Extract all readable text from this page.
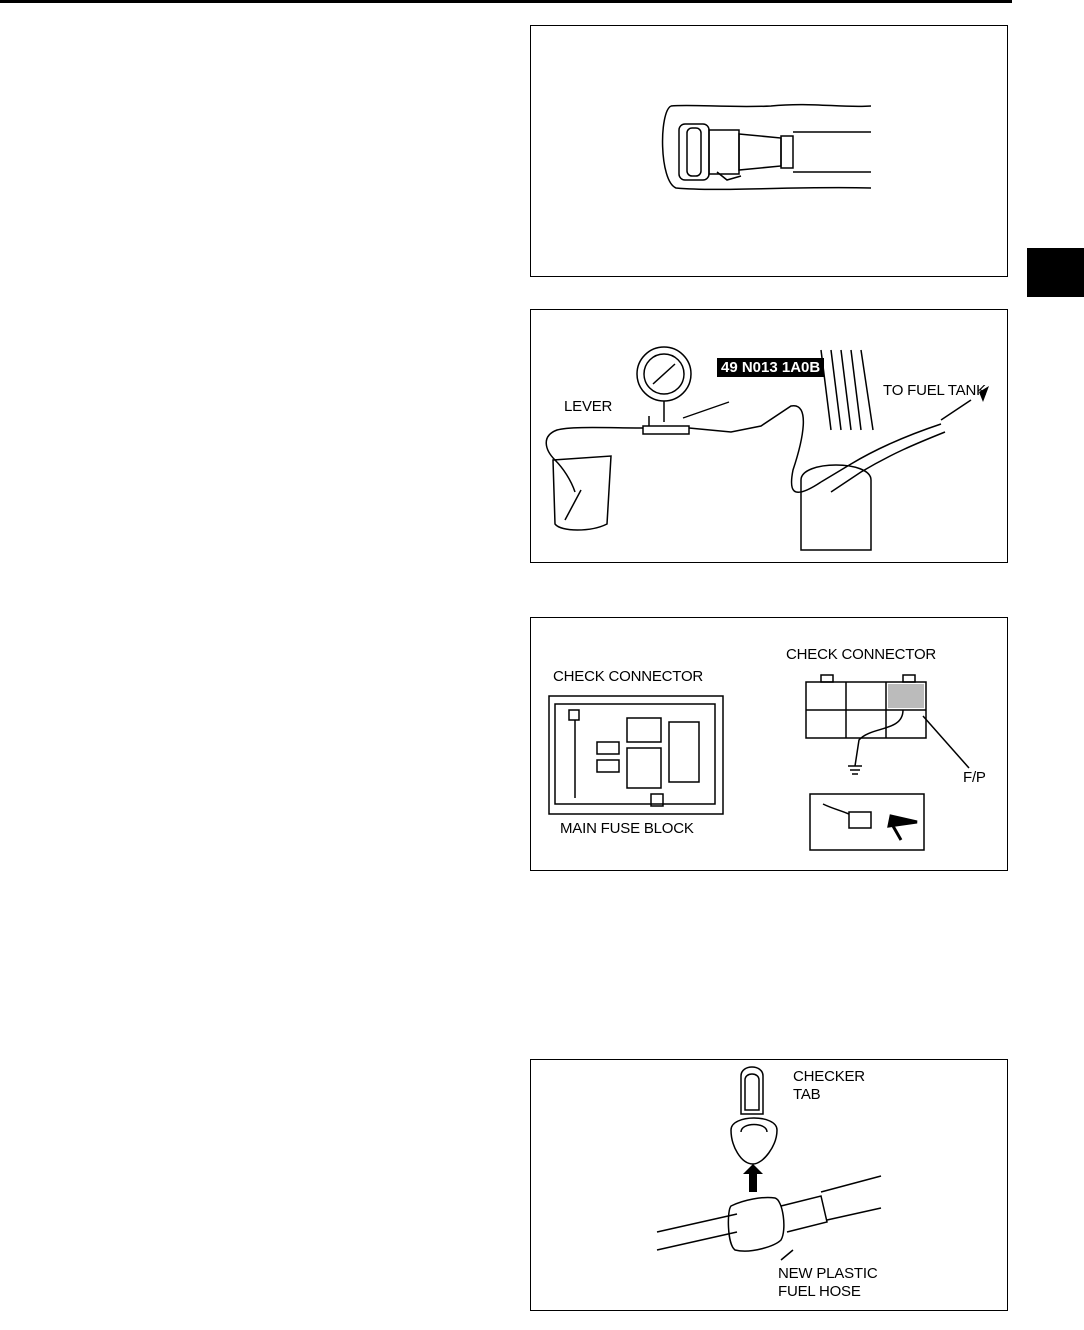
49 N013 1A0B
LEVER
TO FUEL TANK
CHECK CONNECTOR
CHECK CONNECTOR
MAIN FUSE BLOCK
F/P
CHECKER
TAB
NEW PLASTIC
FUEL HOSE
